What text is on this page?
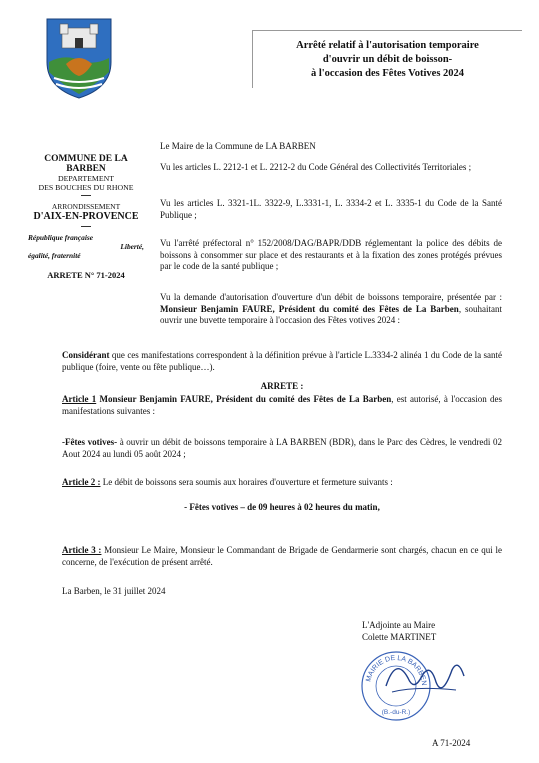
Arrêté relatif à l'autorisation temporaire
d'ouvrir un débit de boisson-
à l'occasion des Fêtes Votives 2024
COMMUNE DE LA
BARBEN
DEPARTEMENT
DES BOUCHES DU RHONE
ARRONDISSEMENT
D'AIX-EN-PROVENCE
République française
Liberté,
égalité, fraternité
ARRETE N° 71-2024
Le Maire de la Commune de LA BARBEN
Vu les articles L. 2212-1 et L. 2212-2 du Code Général des Collectivités Territoriales ;
Vu les articles L. 3321-1L. 3322-9, L.3331-1, L. 3334-2 et L. 3335-1 du Code de la Santé Publique ;
Vu l'arrêté préfectoral n° 152/2008/DAG/BAPR/DDB réglementant la police des débits de boissons à consommer sur place et des restaurants et à la fixation des zones protégés prévues par le code de la santé publique ;
Vu la demande d'autorisation d'ouverture d'un débit de boissons temporaire, présentée par : Monsieur Benjamin FAURE, Président du comité des Fêtes de La Barben, souhaitant ouvrir une buvette temporaire à l'occasion des Fêtes votives 2024 :
Considérant que ces manifestations correspondent à la définition prévue à l'article L.3334-2 alinéa 1 du Code de la santé publique (foire, vente ou fête publique…).
ARRETE :
Article 1 Monsieur Benjamin FAURE, Président du comité des Fêtes de La Barben, est autorisé, à l'occasion des manifestations suivantes :
-Fêtes votives- à ouvrir un débit de boissons temporaire à LA BARBEN (BDR), dans le Parc des Cèdres, le vendredi 02 Aout 2024 au lundi 05 août 2024 ;
Article 2 : Le débit de boissons sera soumis aux horaires d'ouverture et fermeture suivants :
- Fêtes votives – de 09 heures à 02 heures du matin,
Article 3 : Monsieur Le Maire, Monsieur le Commandant de Brigade de Gendarmerie sont chargés, chacun en ce qui le concerne, de l'exécution de présent arrêté.
La Barben, le 31 juillet 2024
L'Adjointe au Maire
Colette MARTINET
MAIRIE DE LA BARBEN
(B.-du-R.)
A 71-2024
